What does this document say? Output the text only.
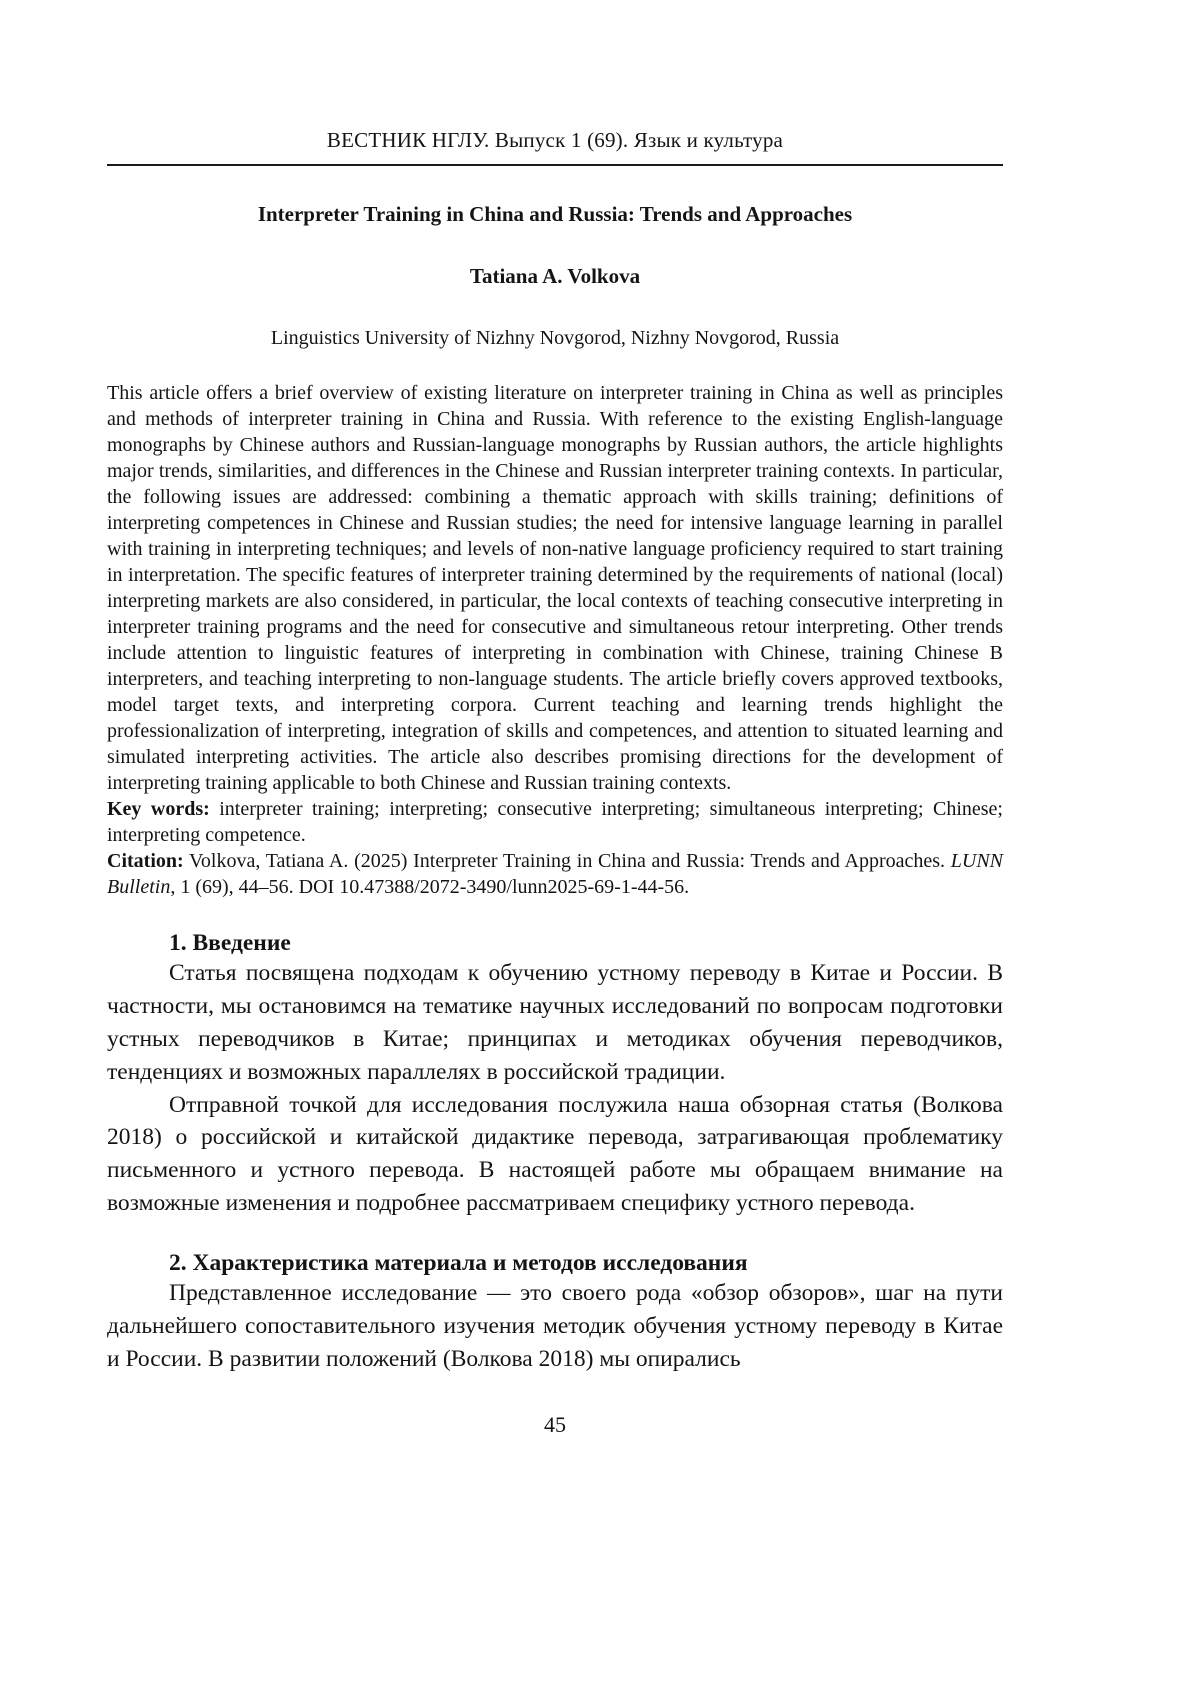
ВЕСТНИК НГЛУ. Выпуск 1 (69). Язык и культура
Interpreter Training in China and Russia: Trends and Approaches
Tatiana A. Volkova
Linguistics University of Nizhny Novgorod, Nizhny Novgorod, Russia

This article offers a brief overview of existing literature on interpreter training in China as well as principles and methods of interpreter training in China and Russia. With reference to the existing English-language monographs by Chinese authors and Russian-language monographs by Russian authors, the article highlights major trends, similarities, and differences in the Chinese and Russian interpreter training contexts. In particular, the following issues are addressed: combining a thematic approach with skills training; definitions of interpreting competences in Chinese and Russian studies; the need for intensive language learning in parallel with training in interpreting techniques; and levels of non-native language proficiency required to start training in interpretation. The specific features of interpreter training determined by the requirements of national (local) interpreting markets are also considered, in particular, the local contexts of teaching consecutive interpreting in interpreter training programs and the need for consecutive and simultaneous retour interpreting. Other trends include attention to linguistic features of interpreting in combination with Chinese, training Chinese B interpreters, and teaching interpreting to non-language students. The article briefly covers approved textbooks, model target texts, and interpreting corpora. Current teaching and learning trends highlight the professionalization of interpreting, integration of skills and competences, and attention to situated learning and simulated interpreting activities. The article also describes promising directions for the development of interpreting training applicable to both Chinese and Russian training contexts.

Key words: interpreter training; interpreting; consecutive interpreting; simultaneous interpreting; Chinese; interpreting competence.

Citation: Volkova, Tatiana A. (2025) Interpreter Training in China and Russia: Trends and Approaches. LUNN Bulletin, 1 (69), 44–56. DOI 10.47388/2072-3490/lunn2025-69-1-44-56.

1. Введение

Статья посвящена подходам к обучению устному переводу в Китае и России. В частности, мы остановимся на тематике научных исследований по вопросам подготовки устных переводчиков в Китае; принципах и методиках обучения переводчиков, тенденциях и возможных параллелях в российской традиции.

Отправной точкой для исследования послужила наша обзорная статья (Волкова 2018) о российской и китайской дидактике перевода, затрагивающая проблематику письменного и устного перевода. В настоящей работе мы обращаем внимание на возможные изменения и подробнее рассматриваем специфику устного перевода.

2. Характеристика материала и методов исследования

Представленное исследование — это своего рода «обзор обзоров», шаг на пути дальнейшего сопоставительного изучения методик обучения устному переводу в Китае и России. В развитии положений (Волкова 2018) мы опирались

45
